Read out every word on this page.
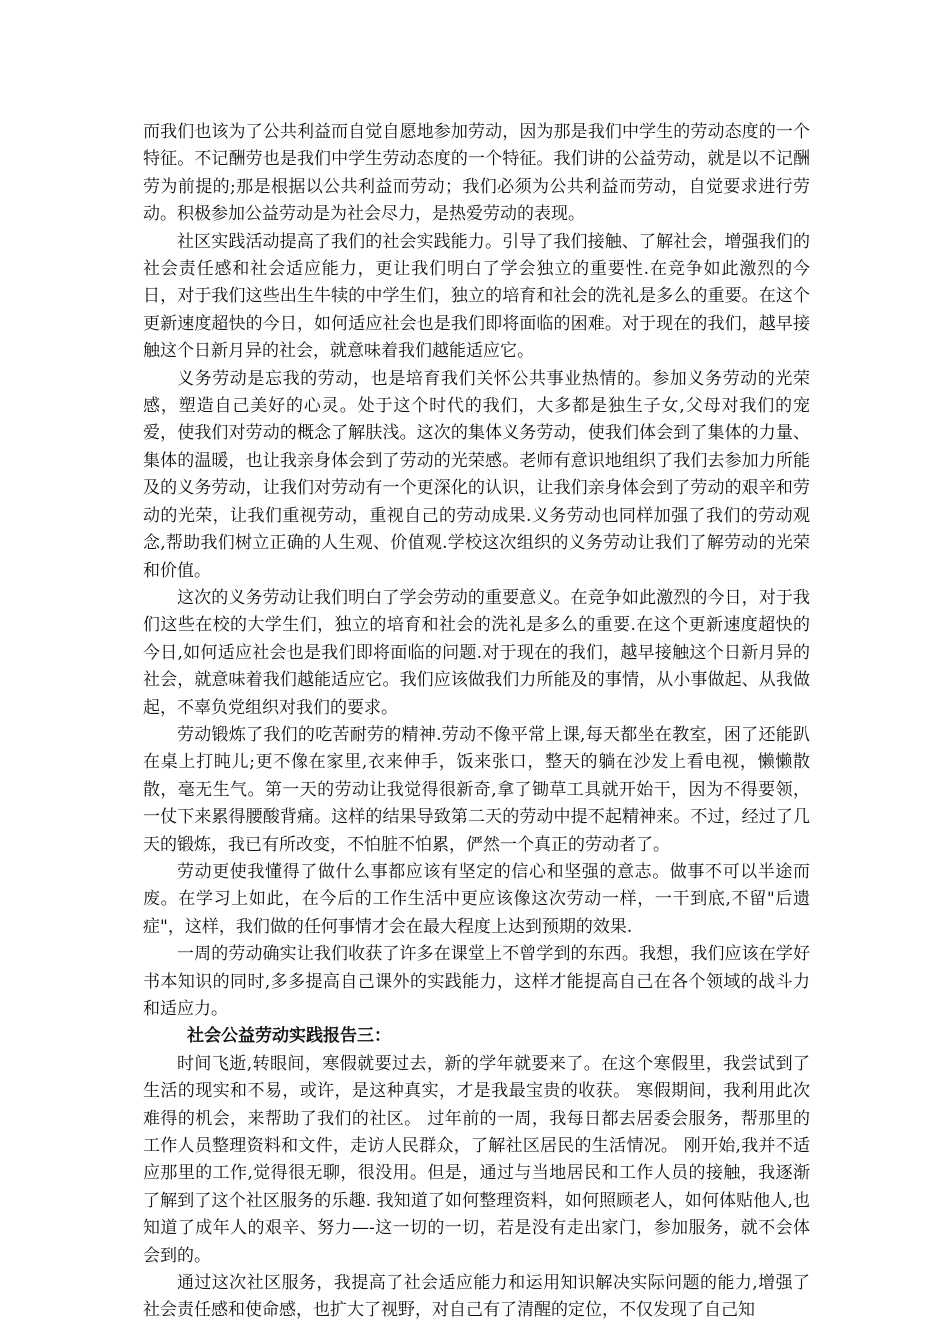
而我们也该为了公共利益而自觉自愿地参加劳动，因为那是我们中学生的劳动态度的一个特征。不记酬劳也是我们中学生劳动态度的一个特征。我们讲的公益劳动，就是以不记酬劳为前提的;那是根据以公共利益而劳动；我们必须为公共利益而劳动，自觉要求进行劳动。积极参加公益劳动是为社会尽力，是热爱劳动的表现。

社区实践活动提高了我们的社会实践能力。引导了我们接触、了解社会，增强我们的社会责任感和社会适应能力，更让我们明白了学会独立的重要性.在竞争如此激烈的今日，对于我们这些出生牛犊的中学生们，独立的培育和社会的洗礼是多么的重要。在这个更新速度超快的今日，如何适应社会也是我们即将面临的困难。对于现在的我们，越早接触这个日新月异的社会，就意味着我们越能适应它。

义务劳动是忘我的劳动，也是培育我们关怀公共事业热情的。参加义务劳动的光荣感，塑造自己美好的心灵。处于这个时代的我们，大多都是独生子女,父母对我们的宠爱，使我们对劳动的概念了解肤浅。这次的集体义务劳动，使我们体会到了集体的力量、集体的温暖，也让我亲身体会到了劳动的光荣感。老师有意识地组织了我们去参加力所能及的义务劳动，让我们对劳动有一个更深化的认识，让我们亲身体会到了劳动的艰辛和劳动的光荣，让我们重视劳动，重视自己的劳动成果.义务劳动也同样加强了我们的劳动观念,帮助我们树立正确的人生观、价值观.学校这次组织的义务劳动让我们了解劳动的光荣和价值。

这次的义务劳动让我们明白了学会劳动的重要意义。在竞争如此激烈的今日，对于我们这些在校的大学生们，独立的培育和社会的洗礼是多么的重要.在这个更新速度超快的今日,如何适应社会也是我们即将面临的问题.对于现在的我们，越早接触这个日新月异的社会，就意味着我们越能适应它。我们应该做我们力所能及的事情，从小事做起、从我做起，不辜负党组织对我们的要求。

劳动锻炼了我们的吃苦耐劳的精神.劳动不像平常上课,每天都坐在教室，困了还能趴在桌上打盹儿;更不像在家里,衣来伸手，饭来张口，整天的躺在沙发上看电视，懒懒散散，毫无生气。第一天的劳动让我觉得很新奇,拿了锄草工具就开始干，因为不得要领，一仗下来累得腰酸背痛。这样的结果导致第二天的劳动中提不起精神来。不过，经过了几天的锻炼，我已有所改变，不怕脏不怕累，俨然一个真正的劳动者了。

劳动更使我懂得了做什么事都应该有坚定的信心和坚强的意志。做事不可以半途而废。在学习上如此，在今后的工作生活中更应该像这次劳动一样，一干到底,不留"后遗症"，这样，我们做的任何事情才会在最大程度上达到预期的效果.

一周的劳动确实让我们收获了许多在课堂上不曾学到的东西。我想，我们应该在学好书本知识的同时,多多提高自己课外的实践能力，这样才能提高自己在各个领域的战斗力和适应力。

社会公益劳动实践报告三：

时间飞逝,转眼间，寒假就要过去，新的学年就要来了。在这个寒假里，我尝试到了生活的现实和不易，或许，是这种真实，才是我最宝贵的收获。 寒假期间，我利用此次难得的机会，来帮助了我们的社区。 过年前的一周，我每日都去居委会服务，帮那里的工作人员整理资料和文件，走访人民群众，了解社区居民的生活情况。 刚开始,我并不适应那里的工作,觉得很无聊，很没用。但是，通过与当地居民和工作人员的接触，我逐渐了解到了这个社区服务的乐趣. 我知道了如何整理资料，如何照顾老人，如何体贴他人,也知道了成年人的艰辛、努力—-这一切的一切，若是没有走出家门，参加服务，就不会体会到的。

通过这次社区服务，我提高了社会适应能力和运用知识解决实际问题的能力,增强了社会责任感和使命感，也扩大了视野，对自己有了清醒的定位，不仅发现了自己知
